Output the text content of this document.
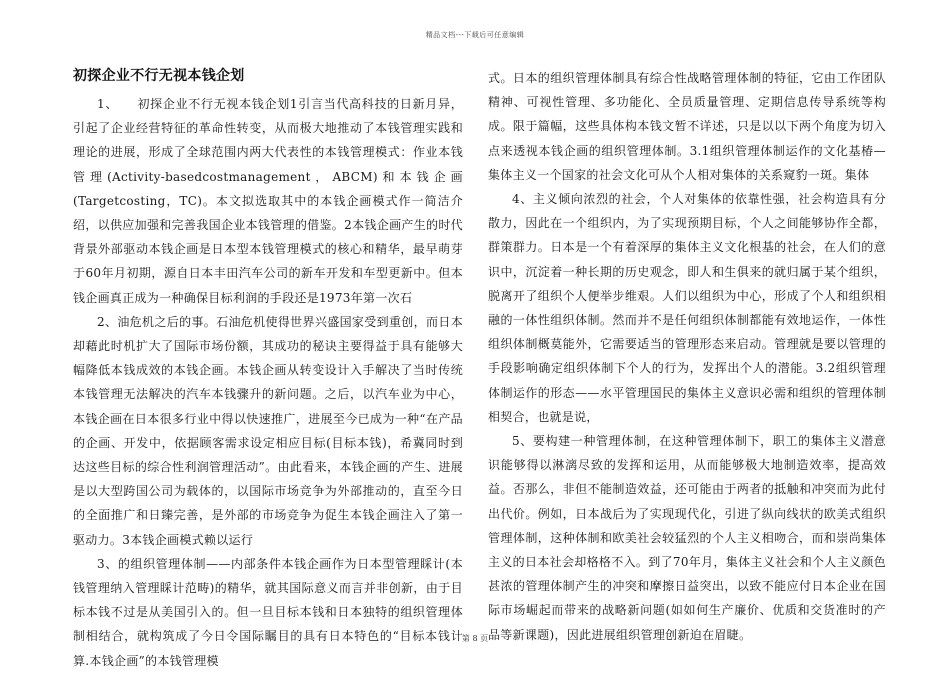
精品文档---下载后可任意编辑
初探企业不行无视本钱企划

1、　　初探企业不行无视本钱企划1引言当代高科技的日新月异，引起了企业经营特征的革命性转变，从而极大地推动了本钱管理实践和理论的进展，形成了全球范围内两大代表性的本钱管理模式：作业本钱管理(Activity-basedcostmanagement，ABCM)和本钱企画(Targetcosting，TC)。本文拟选取其中的本钱企画模式作一简洁介绍，以供应加强和完善我国企业本钱管理的借鉴。2本钱企画产生的时代背景外部驱动本钱企画是日本型本钱管理模式的核心和精华，最早萌芽于60年月初期，源自日本丰田汽车公司的新车开发和车型更新中。但本钱企画真正成为一种确保目标利润的手段还是1973年第一次石

2、油危机之后的事。石油危机使得世界兴盛国家受到重创，而日本却藉此时机扩大了国际市场份额，其成功的秘诀主要得益于具有能够大幅降低本钱成效的本钱企画。本钱企画从转变设计入手解决了当时传统本钱管理无法解决的汽车本钱骤升的新问题。之后，以汽车业为中心，本钱企画在日本很多行业中得以快速推广，进展至今已成为一种“在产品的企画、开发中，依据顾客需求设定相应目标(目标本钱)，希冀同时到达这些目标的综合性利润管理活动”。由此看来，本钱企画的产生、进展是以大型跨国公司为载体的，以国际市场竞争为外部推动的，直至今日的全面推广和日臻完善，是外部的市场竞争为促生本钱企画注入了第一驱动力。3本钱企画模式赖以运行

3、的组织管理体制——内部条件本钱企画作为日本型管理睬计(本钱管理纳入管理睬计范畴)的精华，就其国际意义而言并非创新，由于目标本钱不过是从美国引入的。但一旦目标本钱和日本独特的组织管理体制相结合，就构筑成了今日令国际瞩目的具有日本特色的“目标本钱计算.本钱企画”的本钱管理模

式。日本的组织管理体制具有综合性战略管理体制的特征，它由工作团队精神、可视性管理、多功能化、全员质量管理、定期信息传导系统等构成。限于篇幅，这些具体构本钱文暂不详述，只是以以下两个角度为切入点来透视本钱企画的组织管理体制。3.1组织管理体制运作的文化基椿—集体主义一个国家的社会文化可从个人相对集体的关系窥豹一斑。集体

4、主义倾向浓烈的社会，个人对集体的依靠性强，社会构造具有分散力，因此在一个组织内，为了实现预期目标，个人之间能够协作全都，群策群力。日本是一个有着深厚的集体主义文化根基的社会，在人们的意识中，沉淀着一种长期的历史观念，即人和生俱来的就归属于某个组织，脱离开了组织个人便举步维艰。人们以组织为中心，形成了个人和组织相融的一体性组织体制。然而并不是任何组织体制都能有效地运作，一体性组织体制概莫能外，它需要适当的管理形态来启动。管理就是要以管理的手段影响确定组织体制下个人的行为，发挥出个人的潜能。3.2组织管理体制运作的形态——水平管理国民的集体主义意识必需和组织的管理体制相契合，也就是说，

5、要构建一种管理体制，在这种管理体制下，职工的集体主义潜意识能够得以淋漓尽致的发挥和运用，从而能够极大地制造效率，提高效益。否那么，非但不能制造效益，还可能由于两者的抵触和冲突而为此付出代价。例如，日本战后为了实现现代化，引进了纵向线状的欧美式组织管理体制，这种体制和欧美社会较猛烈的个人主义相吻合，而和崇尚集体主义的日本社会却格格不入。到了70年月，集体主义社会和个人主义颜色甚浓的管理体制产生的冲突和摩擦日益突出，以致不能应付日本企业在国际市场崛起而带来的战略新问题(如如何生产廉价、优质和交货准时的产品等新课题)，因此进展组织管理创新迫在眉睫。

第 8 页
